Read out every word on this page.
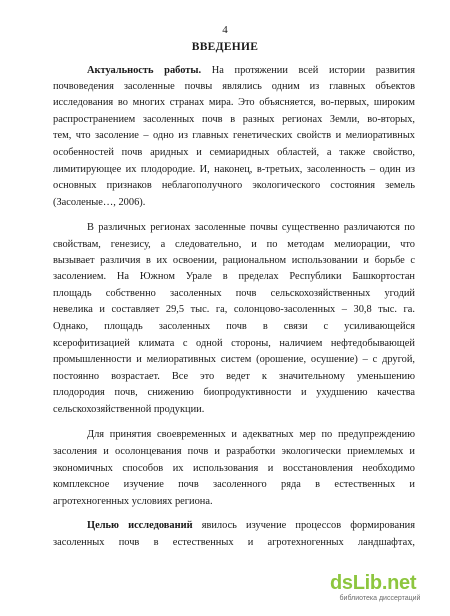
4
ВВЕДЕНИЕ
Актуальность работы. На протяжении всей истории развития
почвоведения засоленные почвы являлись одним из главных объектов
исследования во многих странах мира. Это объясняется, во-первых, широким
распространением засоленных почв в разных регионах Земли, во-вторых,
тем, что засоление – одно из главных генетических свойств и мелиоративных
особенностей почв аридных и семиаридных областей, а также свойство,
лимитирующее их плодородие. И, наконец, в-третьих, засоленность – один из
основных признаков неблагополучного экологического состояния земель
(Засоленые…, 2006).
В различных регионах засоленные почвы существенно различаются по
свойствам, генезису, а следовательно, и по методам мелиорации, что
вызывает различия в их освоении, рациональном использовании и борьбе с
засолением. На Южном Урале в пределах Республики Башкортостан
площадь собственно засоленных почв сельскохозяйственных угодий
невелика и составляет 29,5 тыс. га, солонцово-засоленных – 30,8 тыс. га.
Однако, площадь засоленных почв в связи с усиливающейся
ксерофитизацией климата с одной стороны, наличием нефтедобывающей
промышленности и мелиоративных систем (орошение, осушение) – с другой,
постоянно возрастает. Все это ведет к значительному уменьшению
плодородия почв, снижению биопродуктивности и ухудшению качества
сельскохозяйственной продукции.
Для принятия своевременных и адекватных мер по предупреждению
засоления и осолонцевания почв и разработки экологически приемлемых и
экономичных способов их использования и восстановления необходимо
комплексное изучение почв засоленного ряда в естественных и
агротехногенных условиях региона.
Целью исследований явилось изучение процессов формирования
засоленных почв в естественных и агротехногенных ландшафтах,
dsLib.net
библиотека диссертаций
